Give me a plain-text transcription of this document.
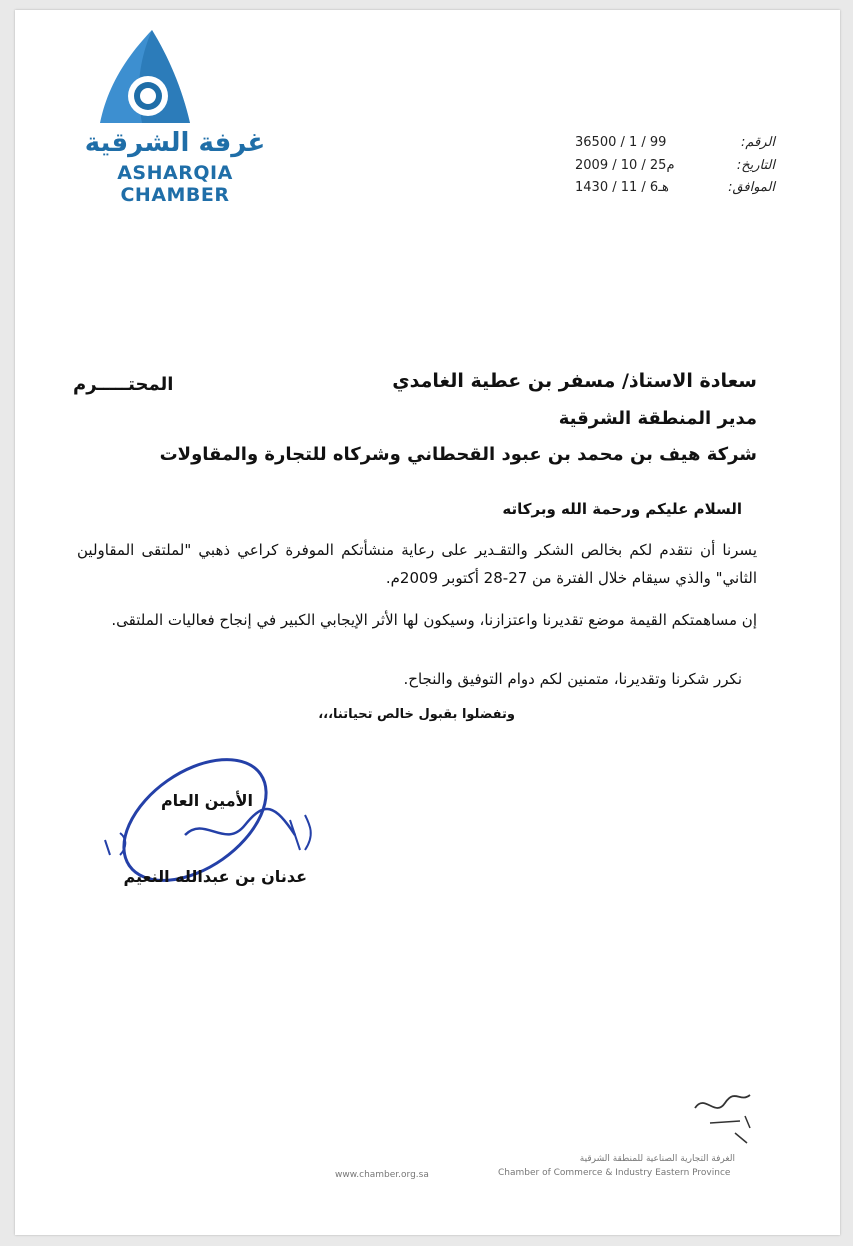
غرفة الشرقية
ASHARQIA CHAMBER
الرقم:
36500 / 1 / 99
التاريخ:
2009 / 10 / 25م
الموافق:
1430 / 11 / 6هـ
سعادة الاستاذ/ مسفر بن عطية الغامدي
المحتـــــرم
مدير المنطقة الشرقية
شركة هيف بن محمد بن عبود القحطاني وشركاه للتجارة والمقاولات
السلام عليكم ورحمة الله وبركاته
يسرنا أن نتقدم لكم بخالص الشكر والتقـدير على رعاية منشأتكم الموفرة كراعي ذهبي "لملتقى المقاولين الثاني" والذي سيقام خلال الفترة من 27-28 أكتوبر 2009م.
إن مساهمتكم القيمة موضع تقديرنا واعتزازنا، وسيكون لها الأثر الإيجابي الكبير في إنجاح فعاليات الملتقى.
نكرر شكرنا وتقديرنا، متمنين لكم دوام التوفيق والنجاح.
وتفضلوا بقبول خالص تحياتنا،،،
الأمين العام
عدنان بن عبدالله النعيم
www.chamber.org.sa
الغرفة التجارية الصناعية للمنطقة الشرقية
Chamber of Commerce & Industry Eastern Province
